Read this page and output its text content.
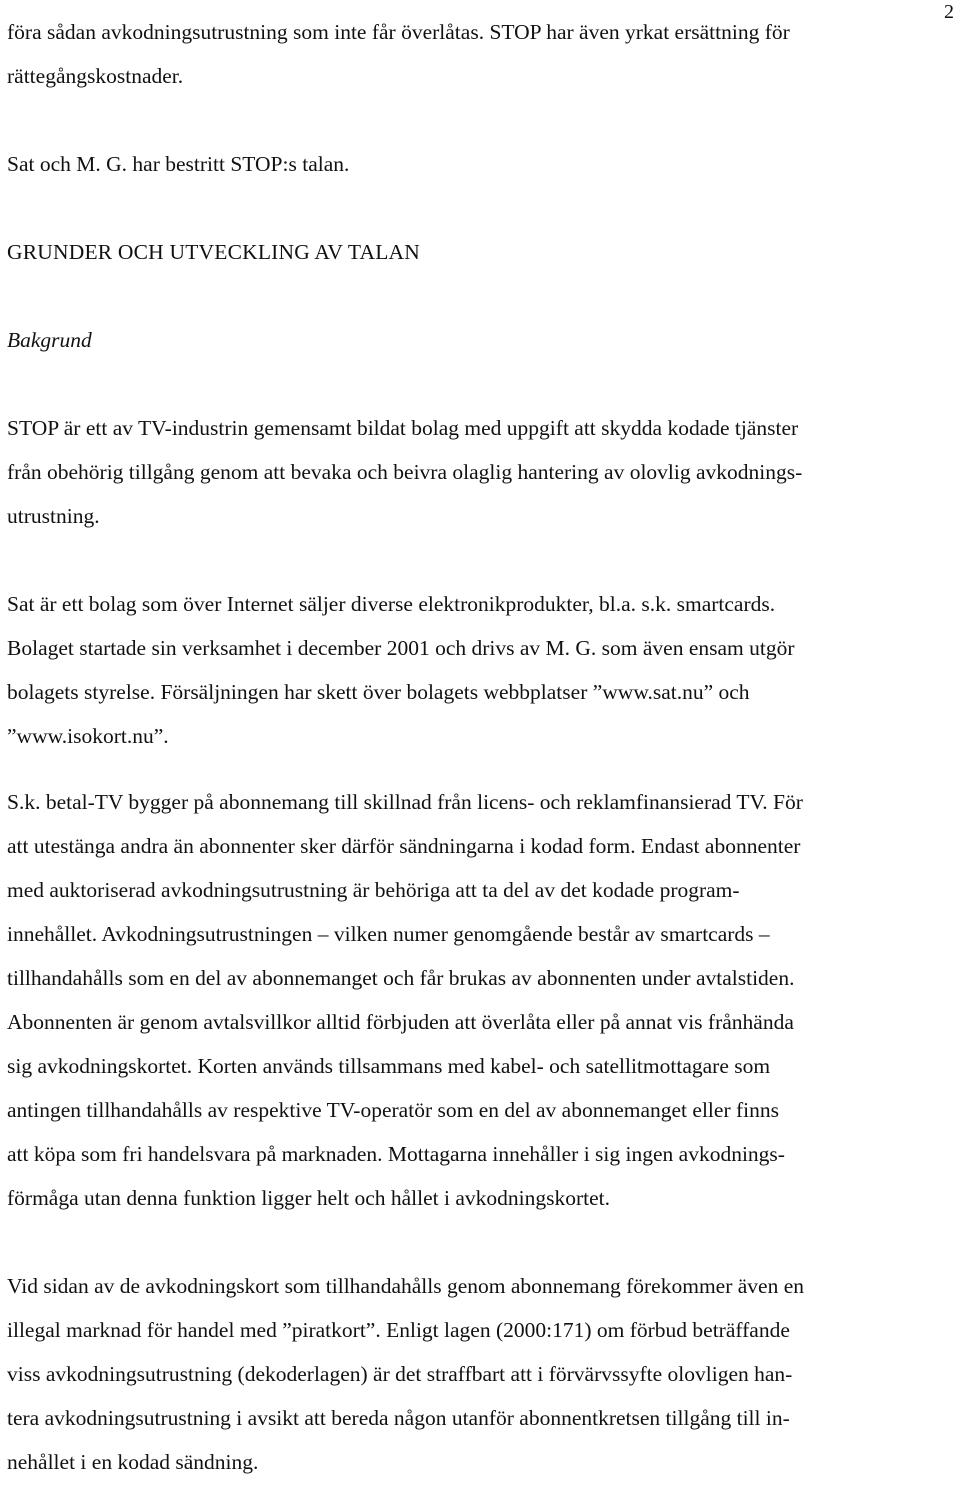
2
föra sådan avkodningsutrustning som inte får överlåtas. STOP har även yrkat ersättning för
rättegångskostnader.
Sat och M. G. har bestritt STOP:s talan.
GRUNDER OCH UTVECKLING AV TALAN
Bakgrund
STOP är ett av TV-industrin gemensamt bildat bolag med uppgift att skydda kodade tjänster
från obehörig tillgång genom att bevaka och beivra olaglig hantering av olovlig avkodnings-
utrustning.
Sat är ett bolag som över Internet säljer diverse elektronikprodukter, bl.a. s.k. smartcards.
Bolaget startade sin verksamhet i december 2001 och drivs av M. G. som även ensam utgör
bolagets styrelse. Försäljningen har skett över bolagets webbplatser ”www.sat.nu” och
”www.isokort.nu”.
S.k. betal-TV bygger på abonnemang till skillnad från licens- och reklamfinansierad TV. För
att utestänga andra än abonnenter sker därför sändningarna i kodad form. Endast abonnenter
med auktoriserad avkodningsutrustning är behöriga att ta del av det kodade program-
innehållet. Avkodningsutrustningen – vilken numer genomgående består av smartcards –
tillhandahålls som en del av abonnemanget och får brukas av abonnenten under avtalstiden.
Abonnenten är genom avtalsvillkor alltid förbjuden att överlåta eller på annat vis frånhända
sig avkodningskortet. Korten används tillsammans med kabel- och satellitmottagare som
antingen tillhandahålls av respektive TV-operatör som en del av abonnemanget eller finns
att köpa som fri handelsvara på marknaden. Mottagarna innehåller i sig ingen avkodnings-
förmåga utan denna funktion ligger helt och hållet i avkodningskortet.
Vid sidan av de avkodningskort som tillhandahålls genom abonnemang förekommer även en
illegal marknad för handel med ”piratkort”. Enligt lagen (2000:171) om förbud beträffande
viss avkodningsutrustning (dekoderlagen) är det straffbart att i förvärvssyfte olovligen han-
tera avkodningsutrustning i avsikt att bereda någon utanför abonnentkretsen tillgång till in-
nehållet i en kodad sändning.
